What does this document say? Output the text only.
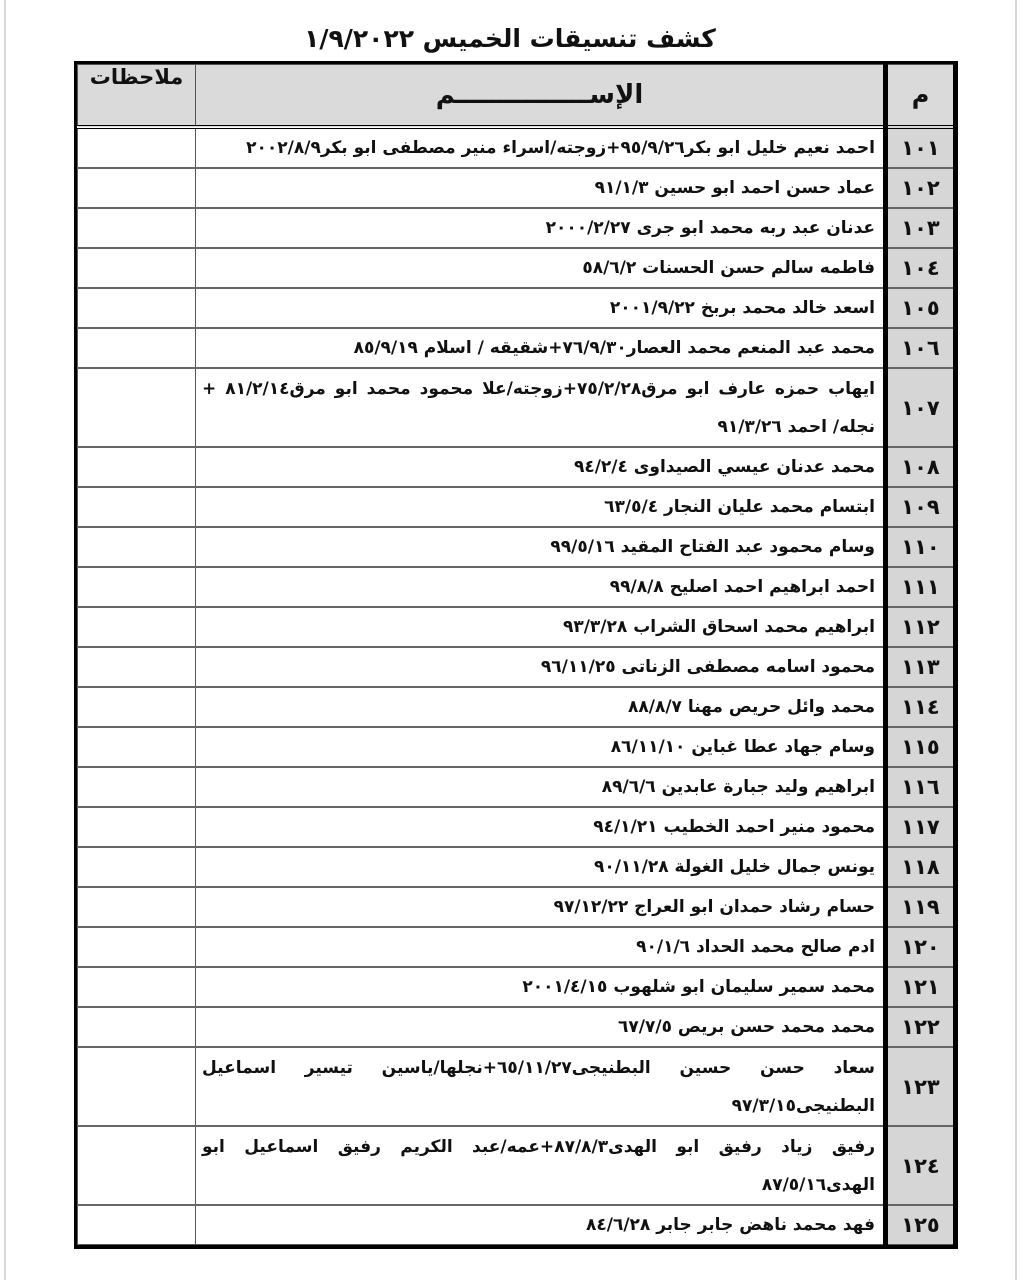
كشف تنسيقات الخميس ١/٩/٢٠٢٢
م	الإســـــــــــــــم	ملاحظات
١٠١	احمد نعيم خليل ابو بكر٩٥/٩/٢٦+زوجته/اسراء منير مصطفى ابو بكر٢٠٠٢/٨/٩	
١٠٢	عماد حسن احمد ابو حسين ٩١/١/٣	
١٠٣	عدنان عبد ربه محمد ابو جرى ٢٠٠٠/٢/٢٧	
١٠٤	فاطمه سالم حسن الحسنات ٥٨/٦/٢	
١٠٥	اسعد خالد محمد بربخ ٢٠٠١/٩/٢٢	
١٠٦	محمد عبد المنعم محمد العصار٧٦/٩/٣٠+شقيقه / اسلام ٨٥/٩/١٩	
١٠٧	ايهاب حمزه عارف ابو مرق٧٥/٢/٢٨+زوجته/علا محمود محمد ابو مرق٨١/٢/١٤ + نجله/ احمد ٩١/٣/٢٦	
١٠٨	محمد عدنان عيسي الصيداوى ٩٤/٢/٤	
١٠٩	ابتسام محمد عليان النجار ٦٣/٥/٤	
١١٠	وسام محمود عبد الفتاح المقيد ٩٩/٥/١٦	
١١١	احمد ابراهيم احمد اصليح ٩٩/٨/٨	
١١٢	ابراهيم محمد اسحاق الشراب ٩٣/٣/٢٨	
١١٣	محمود اسامه مصطفى الزناتى ٩٦/١١/٢٥	
١١٤	محمد وائل حريص مهنا ٨٨/٨/٧	
١١٥	وسام جهاد عطا غباين ٨٦/١١/١٠	
١١٦	ابراهيم وليد جبارة عابدين ٨٩/٦/٦	
١١٧	محمود منير احمد الخطيب ٩٤/١/٢١	
١١٨	يونس جمال خليل الغولة ٩٠/١١/٢٨	
١١٩	حسام رشاد حمدان ابو العراج ٩٧/١٢/٢٢	
١٢٠	ادم صالح محمد الحداد ٩٠/١/٦	
١٢١	محمد سمير سليمان ابو شلهوب ٢٠٠١/٤/١٥	
١٢٢	محمد محمد حسن بريص ٦٧/٧/٥	
١٢٣	سعاد حسن حسين البطنيجى٦٥/١١/٢٧+نجلها/ياسين تيسير اسماعيل البطنيجى٩٧/٣/١٥	
١٢٤	رفيق زياد رفيق ابو الهدى٨٧/٨/٣+عمه/عبد الكريم رفيق اسماعيل ابو الهدى٨٧/٥/١٦	
١٢٥	فهد محمد ناهض جابر جابر ٨٤/٦/٢٨	
